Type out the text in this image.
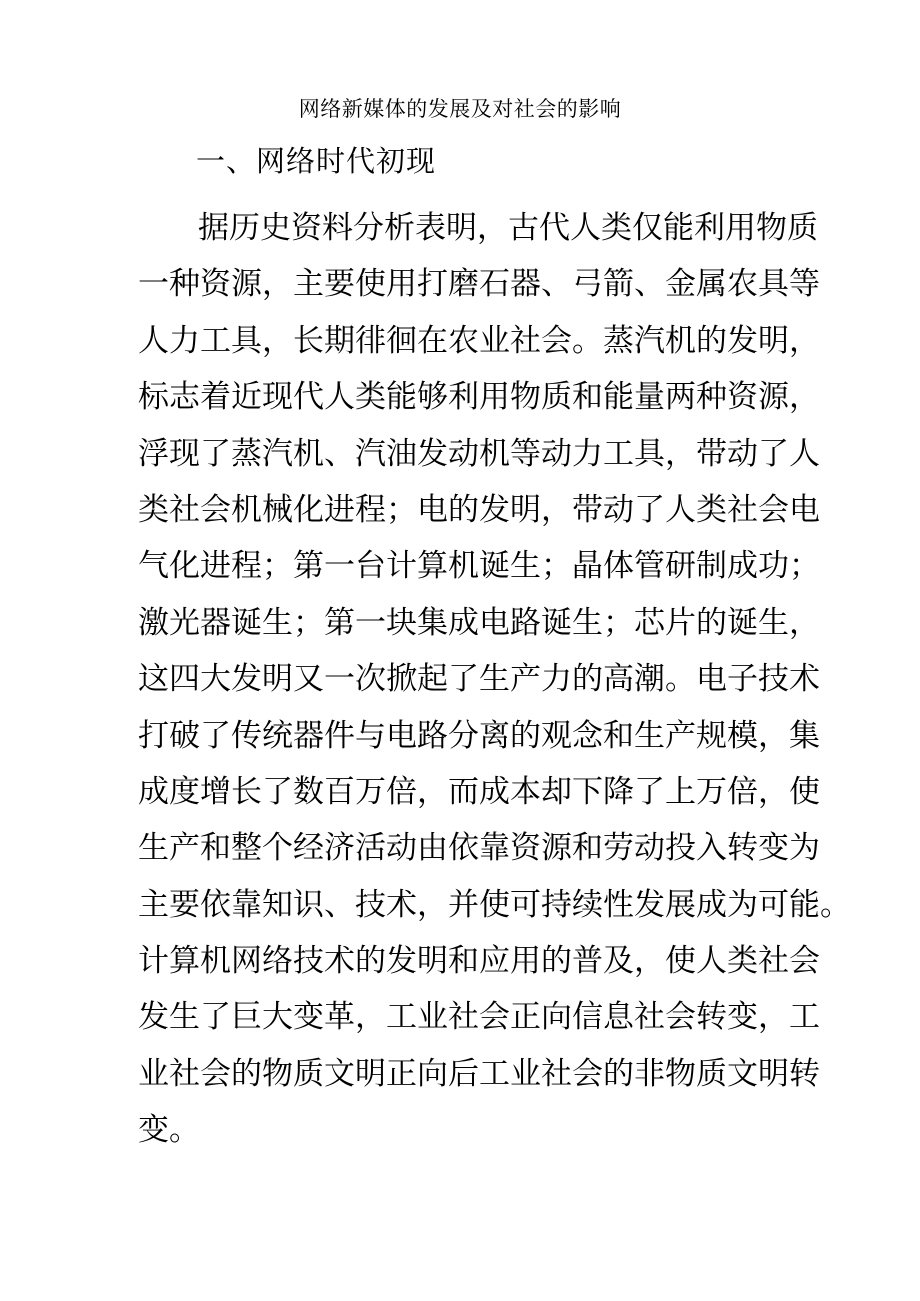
网络新媒体的发展及对社会的影响
一、网络时代初现
据历史资料分析表明，古代人类仅能利用物质
一种资源，主要使用打磨石器、弓箭、金属农具等
人力工具，长期徘徊在农业社会。蒸汽机的发明，
标志着近现代人类能够利用物质和能量两种资源，
浮现了蒸汽机、汽油发动机等动力工具，带动了人
类社会机械化进程；电的发明，带动了人类社会电
气化进程；第一台计算机诞生；晶体管研制成功；
激光器诞生；第一块集成电路诞生；芯片的诞生，
这四大发明又一次掀起了生产力的高潮。电子技术
打破了传统器件与电路分离的观念和生产规模，集
成度增长了数百万倍，而成本却下降了上万倍，使
生产和整个经济活动由依靠资源和劳动投入转变为
主要依靠知识、技术，并使可持续性发展成为可能。
计算机网络技术的发明和应用的普及，使人类社会
发生了巨大变革，工业社会正向信息社会转变，工
业社会的物质文明正向后工业社会的非物质文明转
变。
